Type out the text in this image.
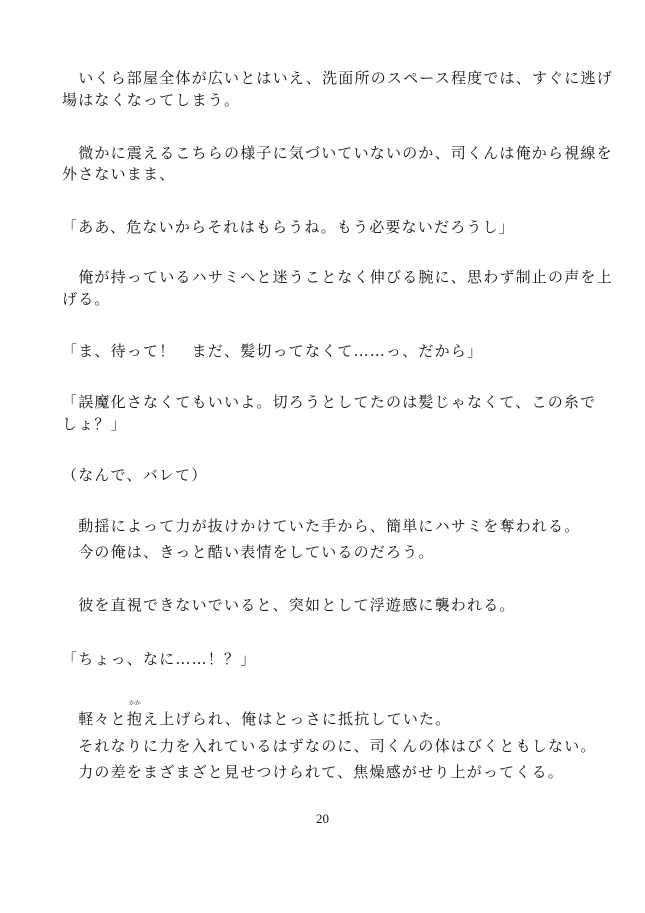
　いくら部屋全体が広いとはいえ、洗面所のスペース程度では、すぐに逃げ
場はなくなってしまう。
　微かに震えるこちらの様子に気づいていないのか、司くんは俺から視線を
外さないまま、
「ああ、危ないからそれはもらうね。もう必要ないだろうし」
　俺が持っているハサミへと迷うことなく伸びる腕に、思わず制止の声を上
げる。
「ま、待って！　まだ、髪切ってなくて……っ、だから」
「誤魔化さなくてもいいよ。切ろうとしてたのは髪じゃなくて、この糸で
しょ？」
（なんで、バレて）
　動揺によって力が抜けかけていた手から、簡単にハサミを奪われる。
　今の俺は、きっと酷い表情をしているのだろう。
　彼を直視できないでいると、突如として浮遊感に襲われる。
「ちょっ、なに……！？」
　軽々と
かか
抱え上げられ、俺はとっさに抵抗していた。
　それなりに力を入れているはずなのに、司くんの体はびくともしない。
　力の差をまざまざと見せつけられて、焦燥感がせり上がってくる。
20
